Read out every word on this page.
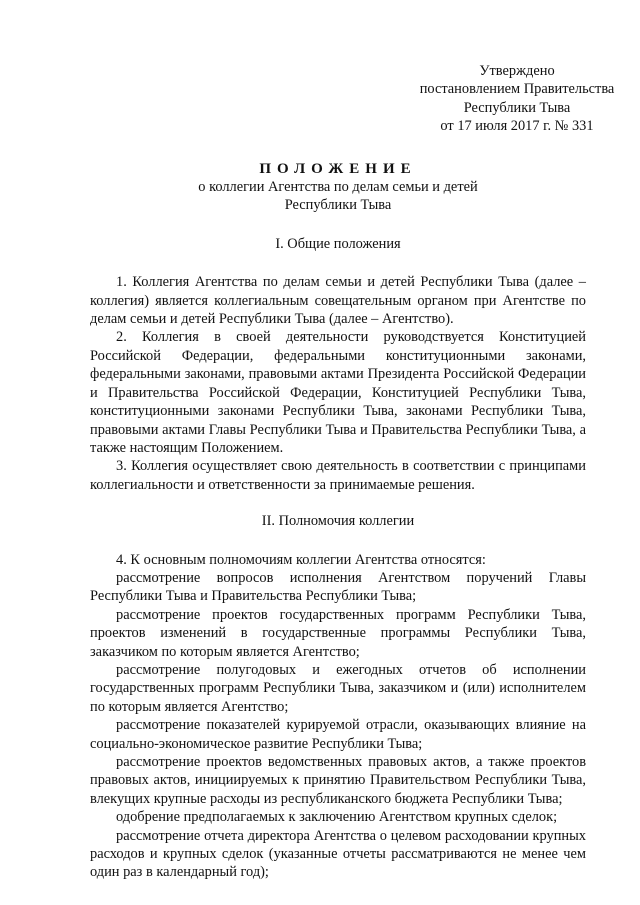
Утверждено
постановлением Правительства
Республики Тыва
от 17 июля 2017 г. № 331
ПОЛОЖЕНИЕ
о коллегии Агентства по делам семьи и детей
Республики Тыва
I. Общие положения

1. Коллегия Агентства по делам семьи и детей Республики Тыва (далее – коллегия) является коллегиальным совещательным органом при Агентстве по делам семьи и детей Республики Тыва (далее – Агентство).

2. Коллегия в своей деятельности руководствуется Конституцией Российской Федерации, федеральными конституционными законами, федеральными законами, правовыми актами Президента Российской Федерации и Правительства Российской Федерации, Конституцией Республики Тыва, конституционными законами Республики Тыва, законами Республики Тыва, правовыми актами Главы Республики Тыва и Правительства Республики Тыва, а также настоящим Положением.

3. Коллегия осуществляет свою деятельность в соответствии с принципами коллегиальности и ответственности за принимаемые решения.

II. Полномочия коллегии

4. К основным полномочиям коллегии Агентства относятся:

рассмотрение вопросов исполнения Агентством поручений Главы Республики Тыва и Правительства Республики Тыва;

рассмотрение проектов государственных программ Республики Тыва, проектов изменений в государственные программы Республики Тыва, заказчиком по которым является Агентство;

рассмотрение полугодовых и ежегодных отчетов об исполнении государственных программ Республики Тыва, заказчиком и (или) исполнителем по которым является Агентство;

рассмотрение показателей курируемой отрасли, оказывающих влияние на социально-экономическое развитие Республики Тыва;

рассмотрение проектов ведомственных правовых актов, а также проектов правовых актов, инициируемых к принятию Правительством Республики Тыва, влекущих крупные расходы из республиканского бюджета Республики Тыва;

одобрение предполагаемых к заключению Агентством крупных сделок;

рассмотрение отчета директора Агентства о целевом расходовании крупных расходов и крупных сделок (указанные отчеты рассматриваются не менее чем один раз в календарный год);
